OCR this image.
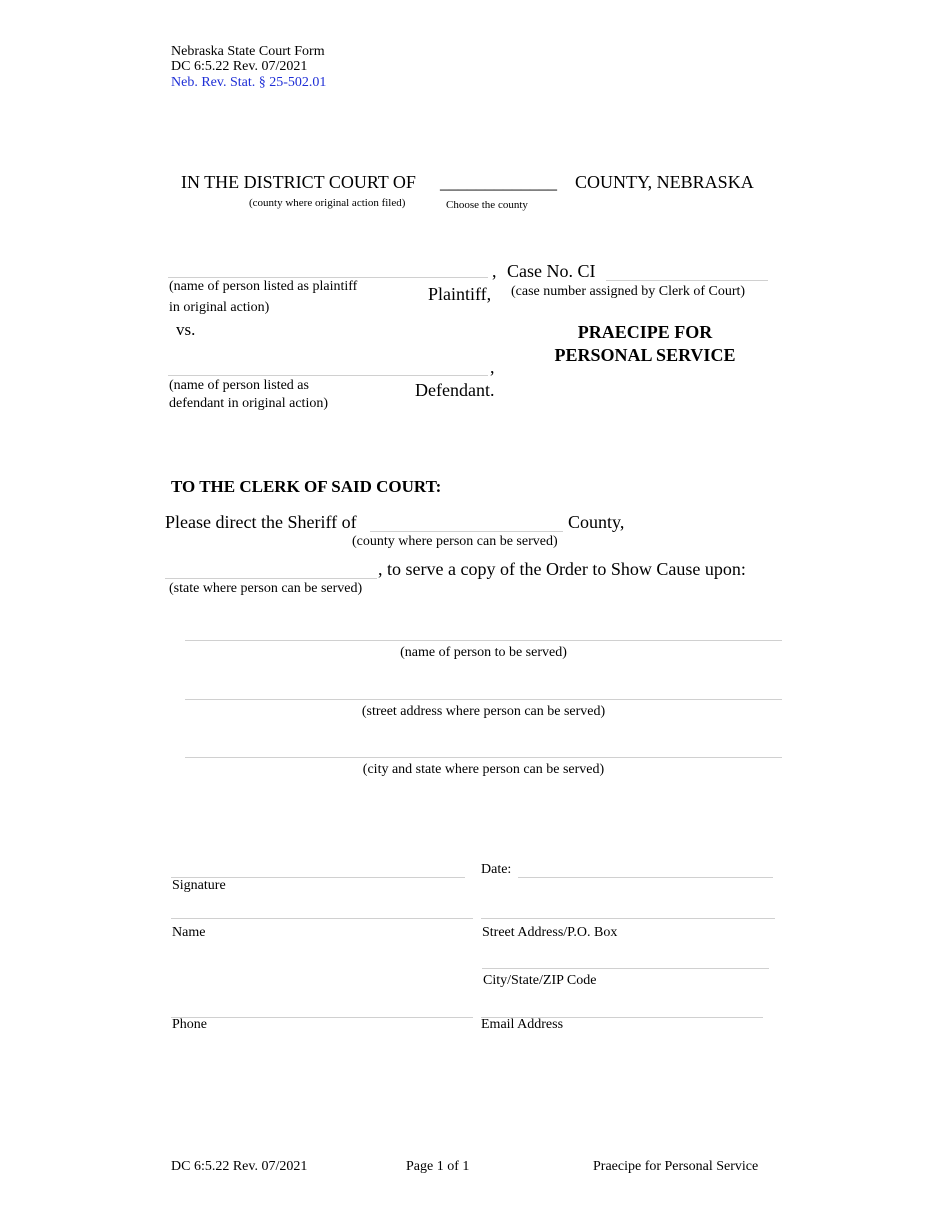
Nebraska State Court Form
DC 6:5.22 Rev. 07/2021
Neb. Rev. Stat. § 25-502.01
IN THE DISTRICT COURT OF _____________ COUNTY, NEBRASKA
(county where original action filed)	Choose the county
,
(name of person listed as plaintiff
in original action)
Plaintiff,
Case No. CI
(case number assigned by Clerk of Court)
vs.	PRAECIPE FOR
PERSONAL SERVICE
,
(name of person listed as
defendant in original action)
Defendant.
TO THE CLERK OF SAID COURT:
Please direct the Sheriff of	County,
(county where person can be served)
, to serve a copy of the Order to Show Cause upon:
(state where person can be served)
(name of person to be served)
(street address where person can be served)
(city and state where person can be served)
Date:
Signature
Name	Street Address/P.O. Box
City/State/ZIP Code
Phone	Email Address
DC 6:5.22 Rev. 07/2021	Page 1 of 1	Praecipe for Personal Service
